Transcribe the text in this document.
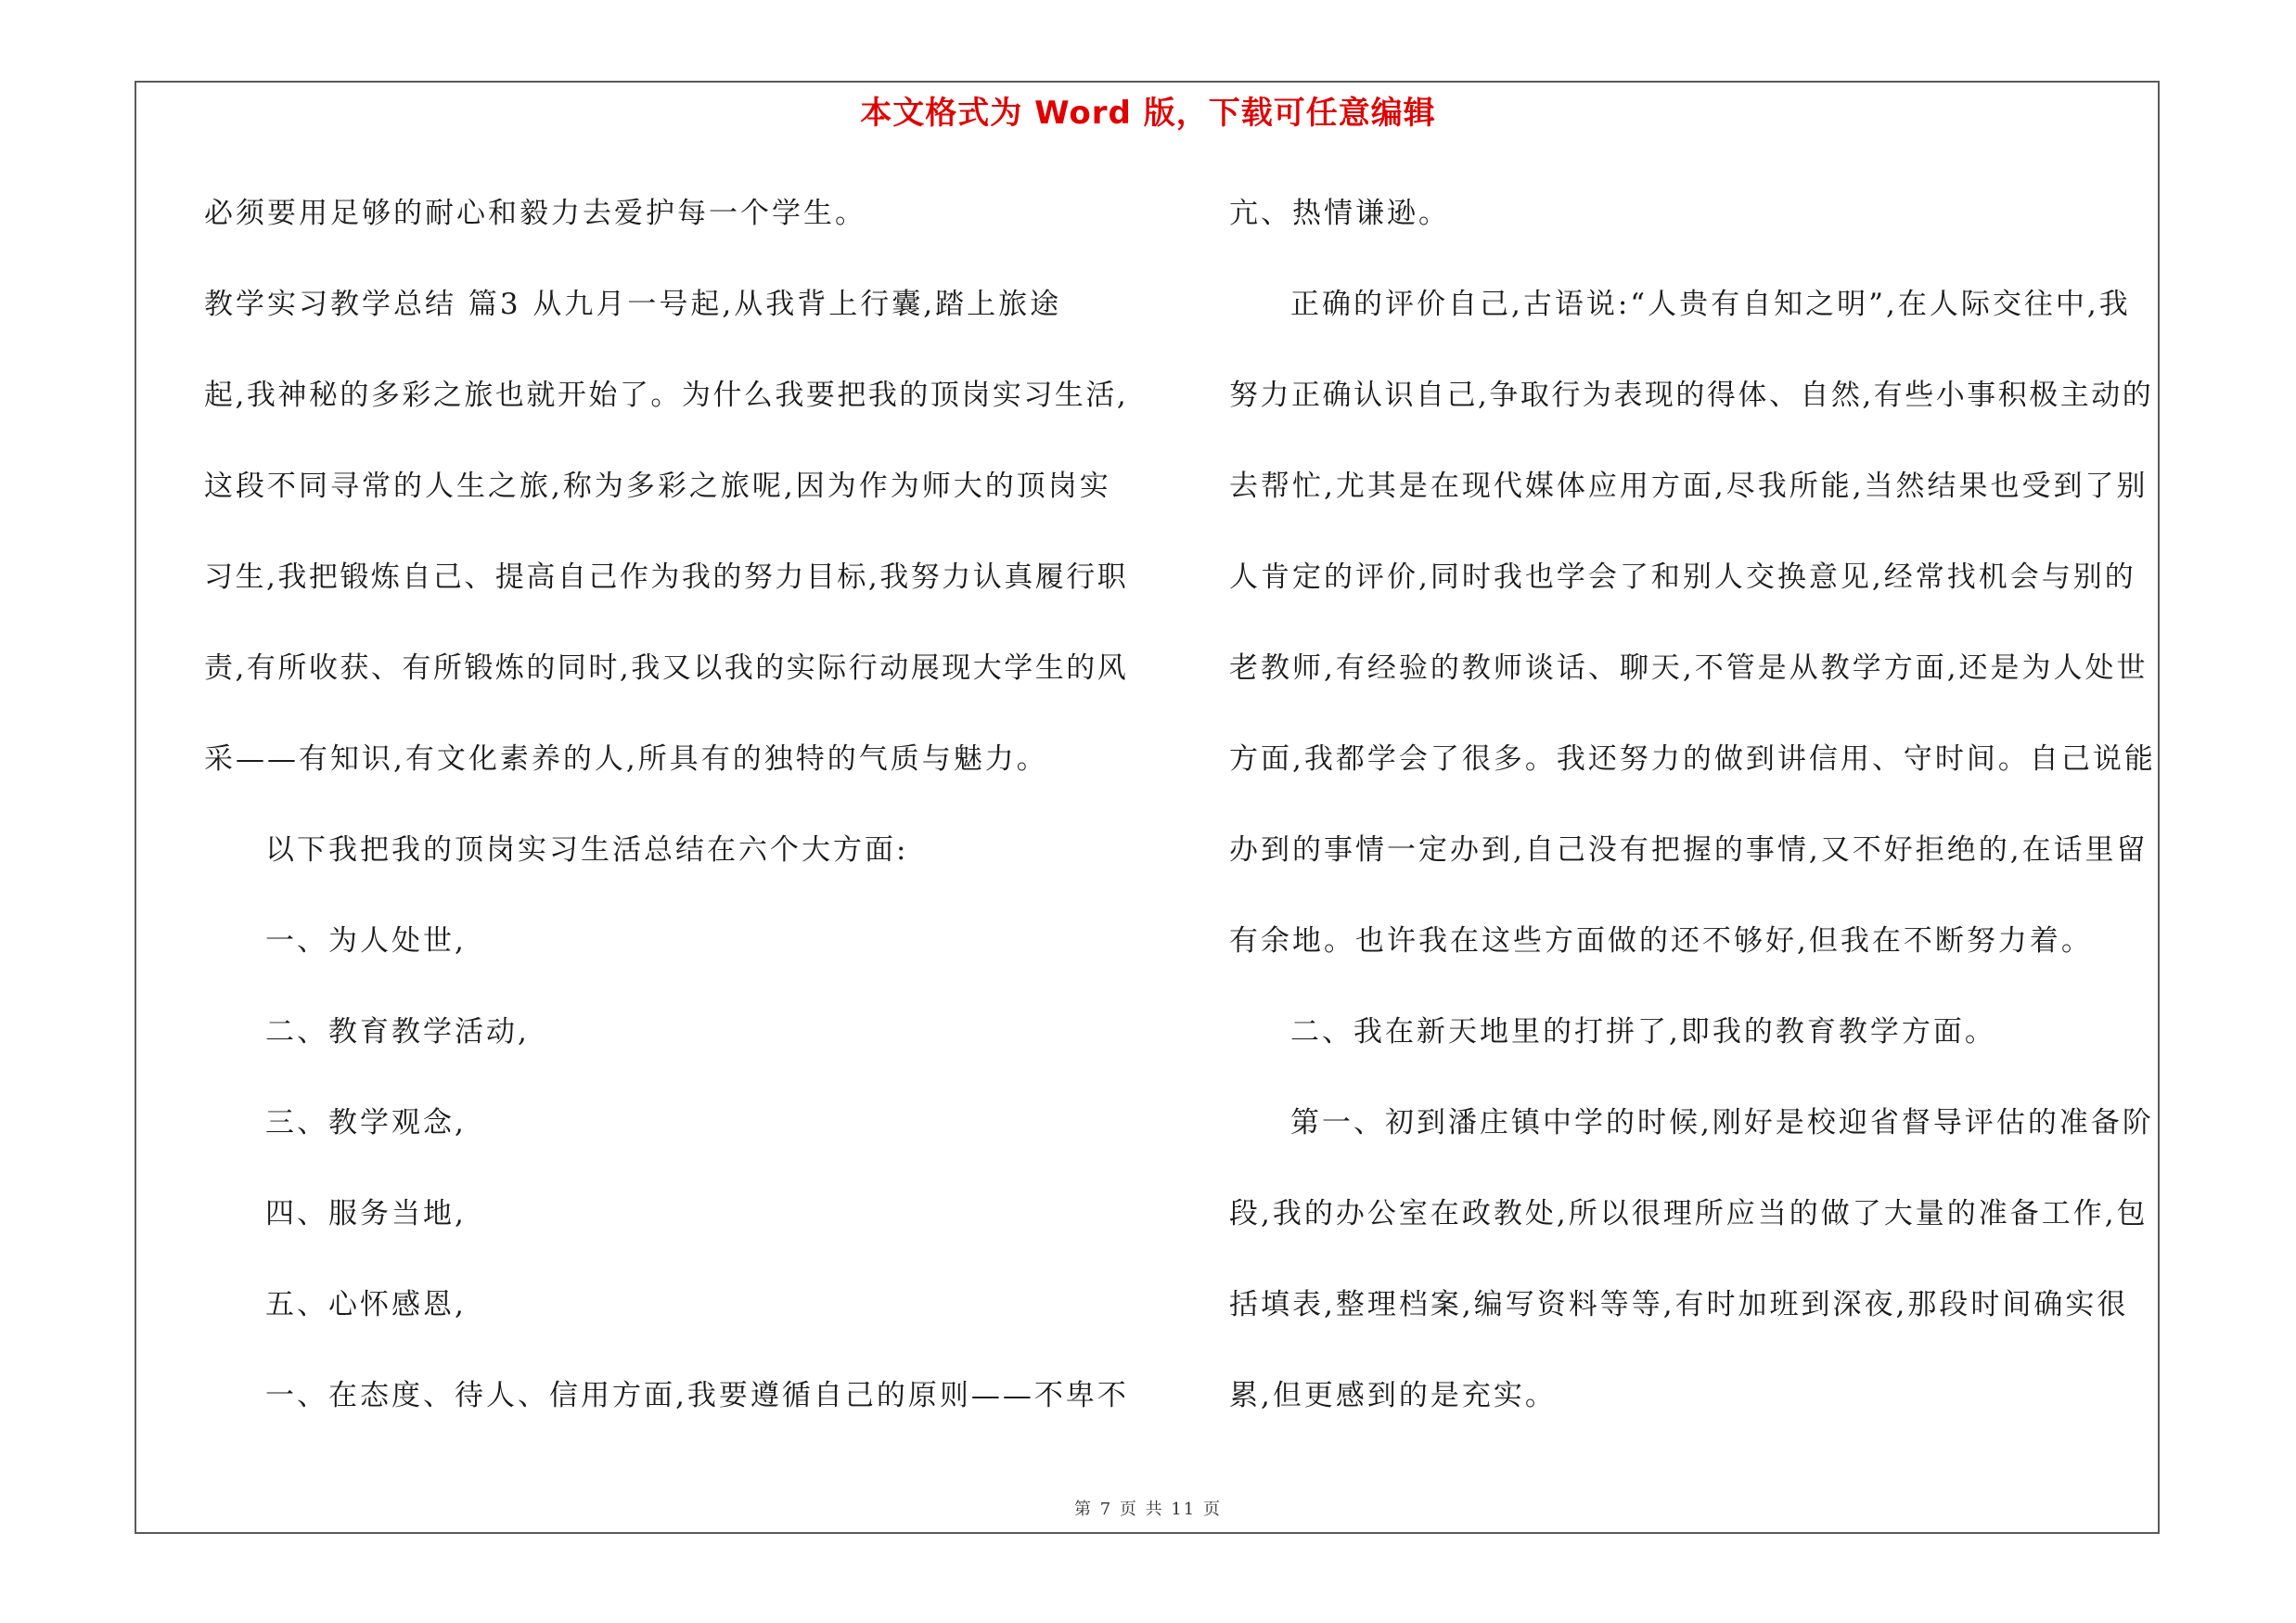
本文格式为 Word 版，下载可任意编辑
必须要用足够的耐心和毅力去爱护每一个学生。
教学实习教学总结 篇3 从九月一号起,从我背上行囊,踏上旅途
起,我神秘的多彩之旅也就开始了。为什么我要把我的顶岗实习生活,
这段不同寻常的人生之旅,称为多彩之旅呢,因为作为师大的顶岗实
习生,我把锻炼自己、提高自己作为我的努力目标,我努力认真履行职
责,有所收获、有所锻炼的同时,我又以我的实际行动展现大学生的风
采——有知识,有文化素养的人,所具有的独特的气质与魅力。
以下我把我的顶岗实习生活总结在六个大方面:
一、为人处世,
二、教育教学活动,
三、教学观念,
四、服务当地,
五、心怀感恩,
一、在态度、待人、信用方面,我要遵循自己的原则——不卑不
亢、热情谦逊。
正确的评价自己,古语说:“人贵有自知之明”,在人际交往中,我
努力正确认识自己,争取行为表现的得体、自然,有些小事积极主动的
去帮忙,尤其是在现代媒体应用方面,尽我所能,当然结果也受到了别
人肯定的评价,同时我也学会了和别人交换意见,经常找机会与别的
老教师,有经验的教师谈话、聊天,不管是从教学方面,还是为人处世
方面,我都学会了很多。我还努力的做到讲信用、守时间。自己说能
办到的事情一定办到,自己没有把握的事情,又不好拒绝的,在话里留
有余地。也许我在这些方面做的还不够好,但我在不断努力着。
二、我在新天地里的打拼了,即我的教育教学方面。
第一、初到潘庄镇中学的时候,刚好是校迎省督导评估的准备阶
段,我的办公室在政教处,所以很理所应当的做了大量的准备工作,包
括填表,整理档案,编写资料等等,有时加班到深夜,那段时间确实很
累,但更感到的是充实。
第 7 页 共 11 页
